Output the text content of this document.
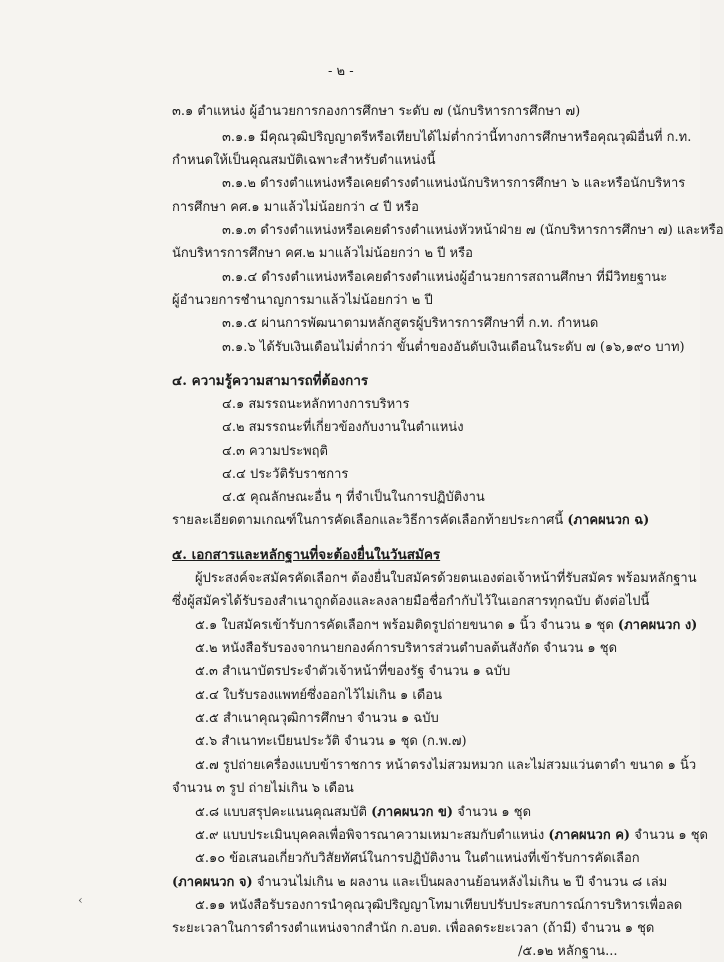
- ๒ -
๓.๑ ตำแหน่ง ผู้อำนวยการกองการศึกษา ระดับ ๗ (นักบริหารการศึกษา ๗)
๓.๑.๑ มีคุณวุฒิปริญญาตรีหรือเทียบได้ไม่ต่ำกว่านี้ทางการศึกษาหรือคุณวุฒิอื่นที่ ก.ท.
กำหนดให้เป็นคุณสมบัติเฉพาะสำหรับตำแหน่งนี้
๓.๑.๒ ดำรงตำแหน่งหรือเคยดำรงตำแหน่งนักบริหารการศึกษา ๖ และหรือนักบริหาร
การศึกษา คศ.๑ มาแล้วไม่น้อยกว่า ๔ ปี หรือ
๓.๑.๓ ดำรงตำแหน่งหรือเคยดำรงตำแหน่งหัวหน้าฝ่าย ๗ (นักบริหารการศึกษา ๗) และหรือ
นักบริหารการศึกษา คศ.๒ มาแล้วไม่น้อยกว่า ๒ ปี หรือ
๓.๑.๔ ดำรงตำแหน่งหรือเคยดำรงตำแหน่งผู้อำนวยการสถานศึกษา ที่มีวิทยฐานะ
ผู้อำนวยการชำนาญการมาแล้วไม่น้อยกว่า ๒ ปี
๓.๑.๕ ผ่านการพัฒนาตามหลักสูตรผู้บริหารการศึกษาที่ ก.ท. กำหนด
๓.๑.๖ ได้รับเงินเดือนไม่ต่ำกว่า ขั้นต่ำของอันดับเงินเดือนในระดับ ๗ (๑๖,๑๙๐ บาท)
๔. ความรู้ความสามารถที่ต้องการ
๔.๑ สมรรถนะหลักทางการบริหาร
๔.๒ สมรรถนะที่เกี่ยวข้องกับงานในตำแหน่ง
๔.๓ ความประพฤติ
๔.๔ ประวัติรับราชการ
๔.๕ คุณลักษณะอื่น ๆ ที่จำเป็นในการปฏิบัติงาน
รายละเอียดตามเกณฑ์ในการคัดเลือกและวิธีการคัดเลือกท้ายประกาศนี้ (ภาคผนวก ฉ)
๕. เอกสารและหลักฐานที่จะต้องยื่นในวันสมัคร
ผู้ประสงค์จะสมัครคัดเลือกฯ ต้องยื่นใบสมัครด้วยตนเองต่อเจ้าหน้าที่รับสมัคร พร้อมหลักฐาน
ซึ่งผู้สมัครได้รับรองสำเนาถูกต้องและลงลายมือชื่อกำกับไว้ในเอกสารทุกฉบับ ดังต่อไปนี้
๕.๑ ใบสมัครเข้ารับการคัดเลือกฯ พร้อมติดรูปถ่ายขนาด ๑ นิ้ว จำนวน ๑ ชุด (ภาคผนวก ง)
๕.๒ หนังสือรับรองจากนายกองค์การบริหารส่วนตำบลต้นสังกัด จำนวน ๑ ชุด
๕.๓ สำเนาบัตรประจำตัวเจ้าหน้าที่ของรัฐ จำนวน ๑ ฉบับ
๕.๔ ใบรับรองแพทย์ซึ่งออกไว้ไม่เกิน ๑ เดือน
๕.๕ สำเนาคุณวุฒิการศึกษา จำนวน ๑ ฉบับ
๕.๖ สำเนาทะเบียนประวัติ จำนวน ๑ ชุด (ก.พ.๗)
๕.๗ รูปถ่ายเครื่องแบบข้าราชการ หน้าตรงไม่สวมหมวก และไม่สวมแว่นตาดำ ขนาด ๑ นิ้ว
จำนวน ๓ รูป ถ่ายไม่เกิน ๖ เดือน
๕.๘ แบบสรุปคะแนนคุณสมบัติ (ภาคผนวก ข) จำนวน ๑ ชุด
๕.๙ แบบประเมินบุคคลเพื่อพิจารณาความเหมาะสมกับตำแหน่ง (ภาคผนวก ค) จำนวน ๑ ชุด
๕.๑๐ ข้อเสนอเกี่ยวกับวิสัยทัศน์ในการปฏิบัติงาน ในตำแหน่งที่เข้ารับการคัดเลือก
(ภาคผนวก จ) จำนวนไม่เกิน ๒ ผลงาน และเป็นผลงานย้อนหลังไม่เกิน ๒ ปี จำนวน ๘ เล่ม
๕.๑๑ หนังสือรับรองการนำคุณวุฒิปริญญาโทมาเทียบปรับประสบการณ์การบริหารเพื่อลด
ระยะเวลาในการดำรงตำแหน่งจากสำนัก ก.อบต. เพื่อลดระยะเวลา (ถ้ามี) จำนวน ๑ ชุด
/๕.๑๒ หลักฐาน...
‹
